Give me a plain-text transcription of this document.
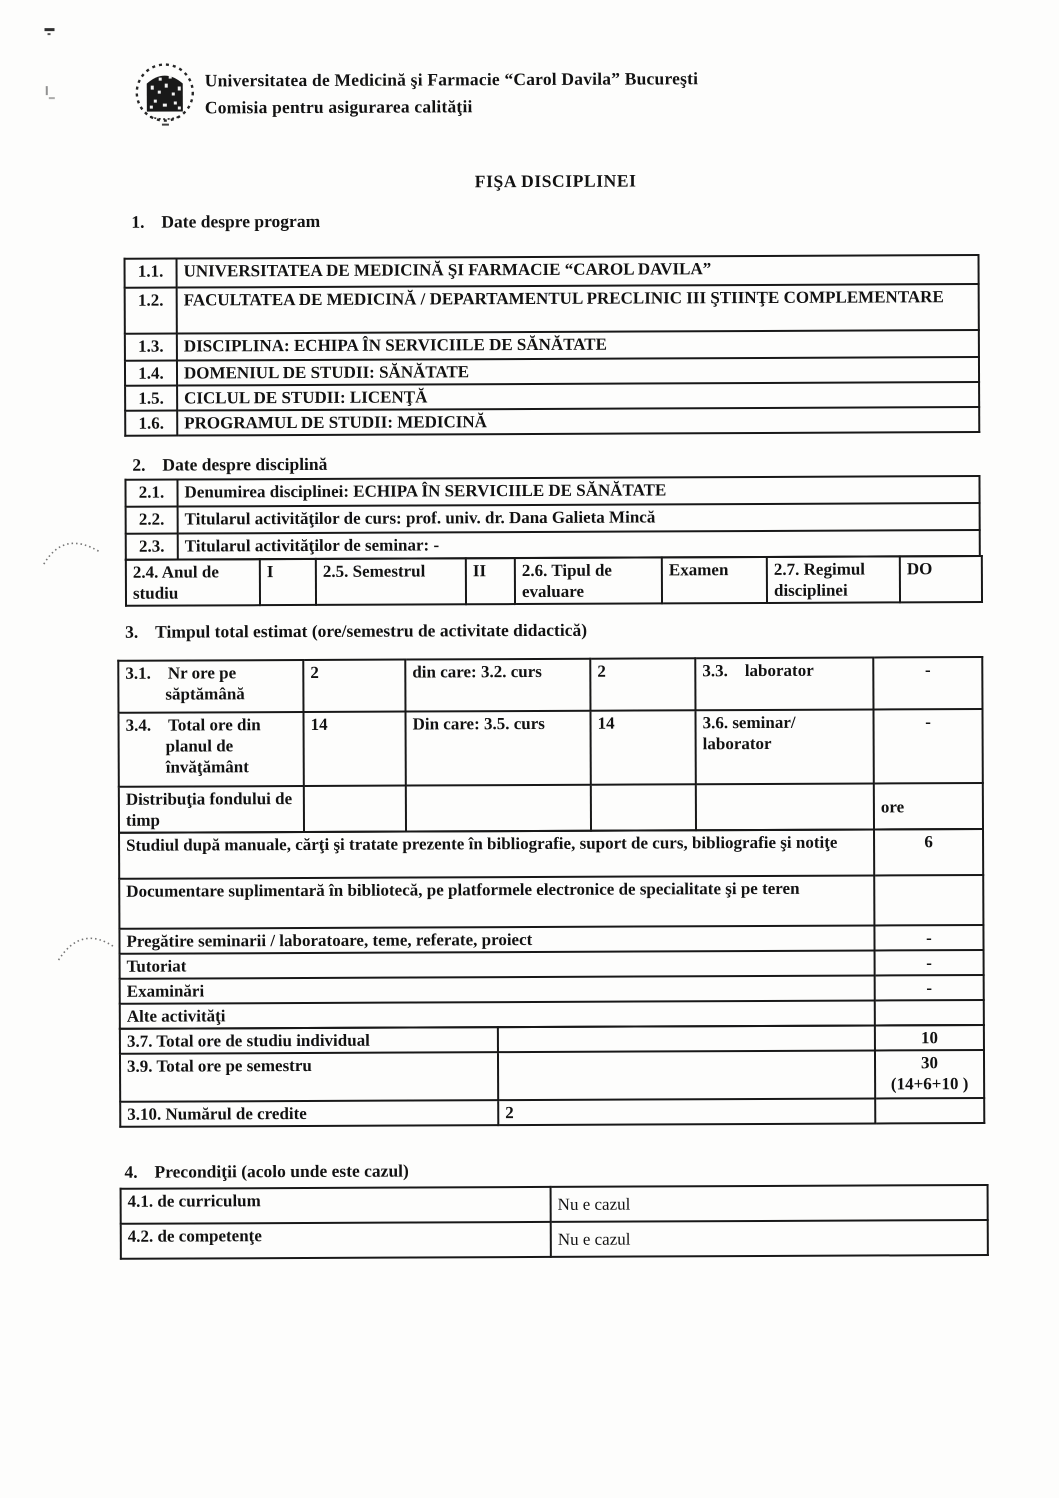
Universitatea de Medicină şi Farmacie “Carol Davila” Bucureşti
Comisia pentru asigurarea calităţii
FIŞA DISCIPLINEI
1. Date despre program
1.1.	UNIVERSITATEA DE MEDICINĂ ŞI FARMACIE “CAROL DAVILA”
1.2.	FACULTATEA DE MEDICINĂ / DEPARTAMENTUL PRECLINIC III ŞTIINŢE COMPLEMENTARE
1.3.	DISCIPLINA: ECHIPA ÎN SERVICIILE DE SĂNĂTATE
1.4.	DOMENIUL DE STUDII: SĂNĂTATE
1.5.	CICLUL DE STUDII: LICENŢĂ
1.6.	PROGRAMUL DE STUDII: MEDICINĂ
2. Date despre disciplină
2.1.	Denumirea disciplinei: ECHIPA ÎN SERVICIILE DE SĂNĂTATE
2.2.	Titularul activităţilor de curs: prof. univ. dr. Dana Galieta Mincă
2.3.	Titularul activităţilor de seminar: -
2.4. Anul de studiu	I	2.5. Semestrul	II	2.6. Tipul de evaluare	Examen	2.7. Regimul disciplinei	DO
3. Timpul total estimat (ore/semestru de activitate didactică)
3.1.    Nr ore pe săptămână	2	din care: 3.2. curs	2	3.3.    laborator	-
3.4.    Total ore din planul de învăţământ	14	Din care: 3.5. curs	14	3.6. seminar/ laborator	-
Distribuţia fondului de timp					ore
Studiul după manuale, cărţi şi tratate prezente în bibliografie, suport de curs, bibliografie şi notiţe	6
Documentare suplimentară în bibliotecă, pe platformele electronice de specialitate şi pe teren	
Pregătire seminarii / laboratoare, teme, referate, proiect	-
Tutoriat	-
Examinări	-
Alte activităţi	
3.7. Total ore de studiu individual		10
3.9. Total ore pe semestru		30
(14+6+10 )

3.10. Numărul de credite	2	
4. Precondiţii (acolo unde este cazul)
4.1. de curriculum	Nu e cazul
4.2. de competenţe	Nu e cazul
